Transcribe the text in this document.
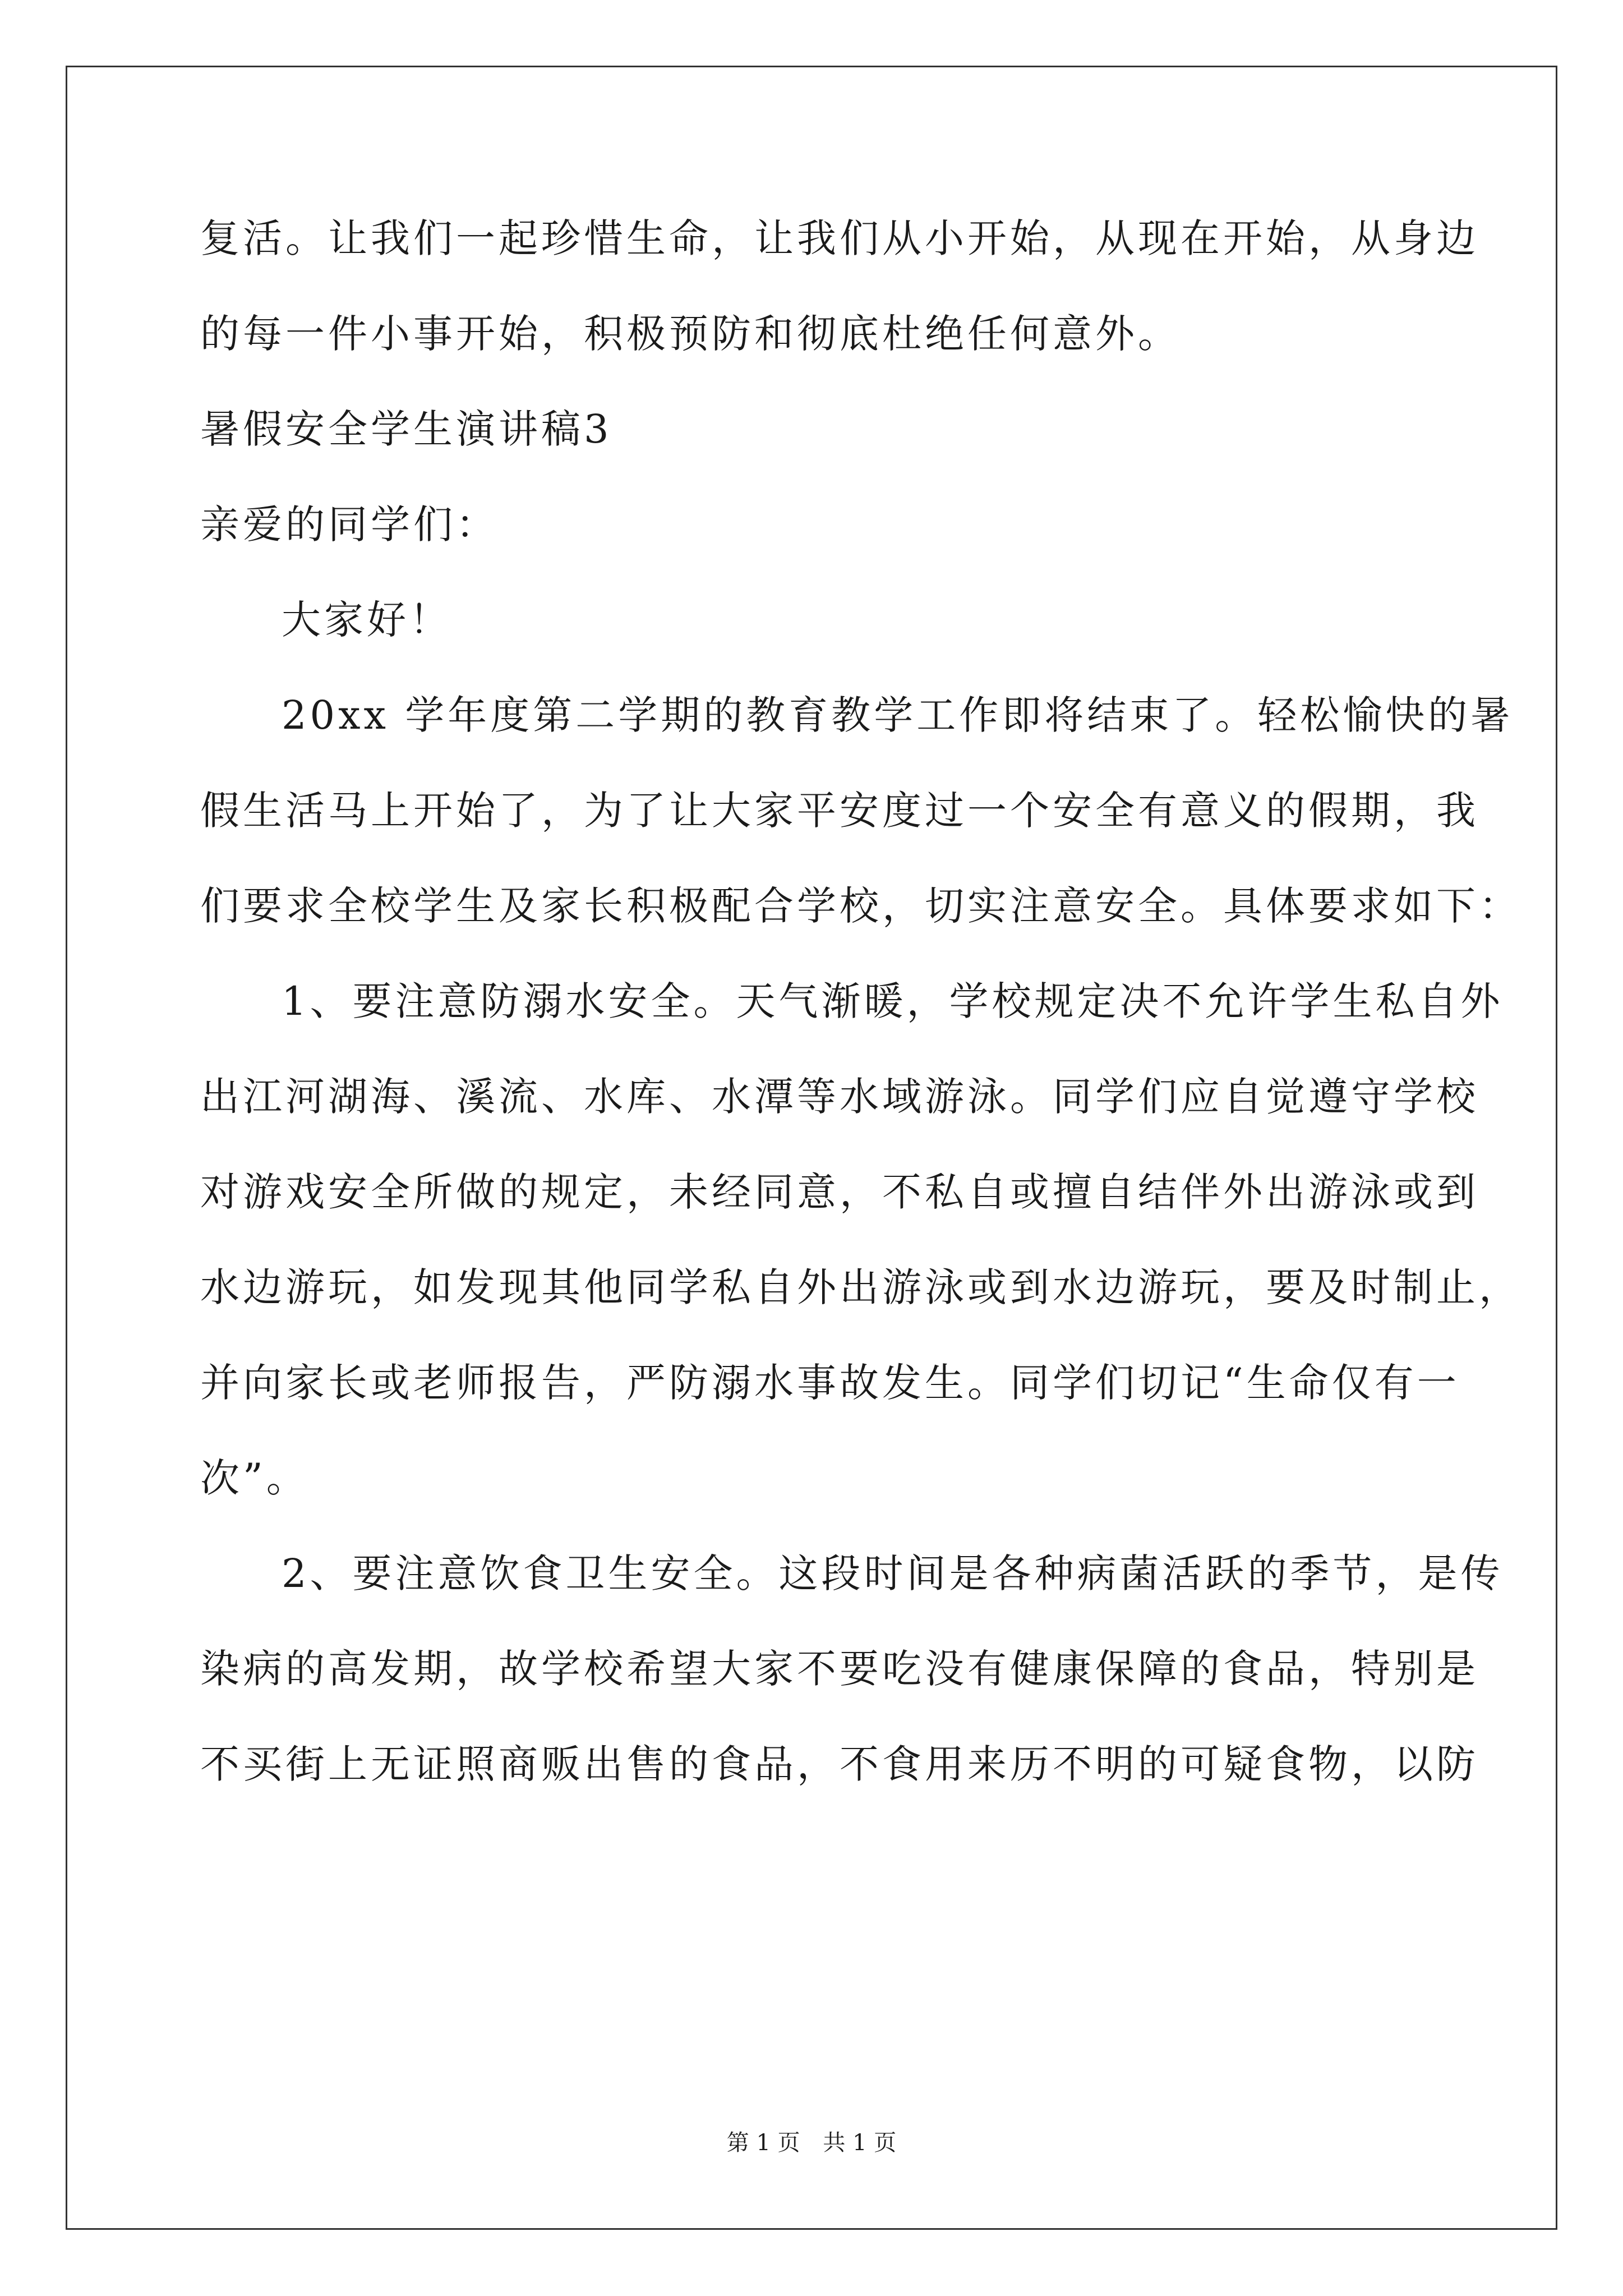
复活。让我们一起珍惜生命，让我们从小开始，从现在开始，从身边
的每一件小事开始，积极预防和彻底杜绝任何意外。
暑假安全学生演讲稿3
亲爱的同学们：
大家好！
20xx 学年度第二学期的教育教学工作即将结束了。轻松愉快的暑
假生活马上开始了，为了让大家平安度过一个安全有意义的假期，我
们要求全校学生及家长积极配合学校，切实注意安全。具体要求如下：
1、要注意防溺水安全。天气渐暖，学校规定决不允许学生私自外
出江河湖海、溪流、水库、水潭等水域游泳。同学们应自觉遵守学校
对游戏安全所做的规定，未经同意，不私自或擅自结伴外出游泳或到
水边游玩，如发现其他同学私自外出游泳或到水边游玩，要及时制止，
并向家长或老师报告，严防溺水事故发生。同学们切记“生命仅有一
次”。
2、要注意饮食卫生安全。这段时间是各种病菌活跃的季节，是传
染病的高发期，故学校希望大家不要吃没有健康保障的食品，特别是
不买街上无证照商贩出售的食品，不食用来历不明的可疑食物，以防
第 1 页 共 1 页
